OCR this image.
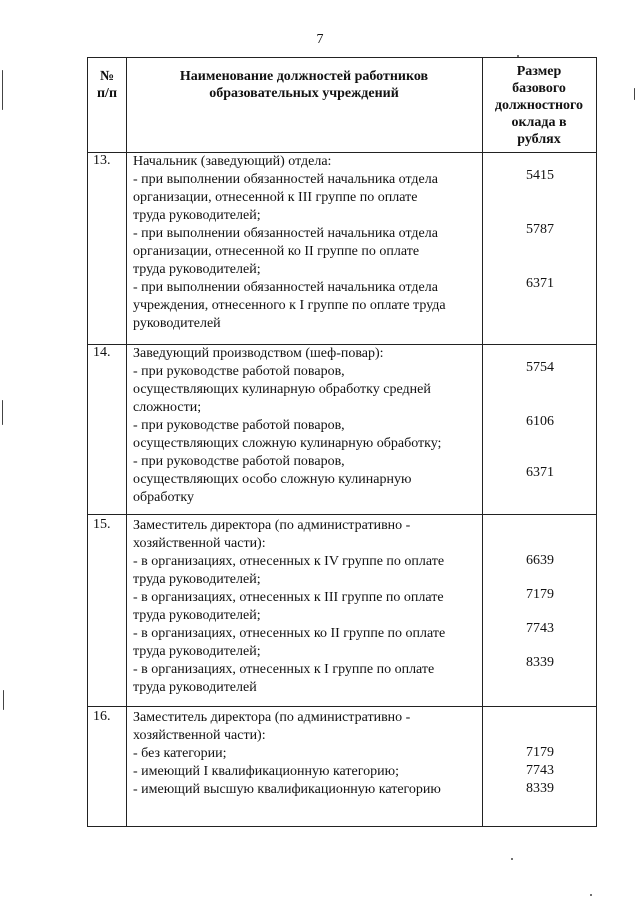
7
№
п/п
Наименование должностей работников
образовательных учреждений
Размер
базового
должностного
оклада в
рублях
13. Начальник (заведующий) отдела:
- при выполнении обязанностей начальника отдела
организации, отнесенной к III группе по оплате
труда руководителей;
- при выполнении обязанностей начальника отдела
организации, отнесенной ко II группе по оплате
труда руководителей;
- при выполнении обязанностей начальника отдела
учреждения, отнесенного к I группе по оплате труда
руководителей
5415
5787
6371
14. Заведующий производством (шеф-повар):
- при руководстве работой поваров,
осуществляющих кулинарную обработку средней
сложности;
- при руководстве работой поваров,
осуществляющих сложную кулинарную обработку;
- при руководстве работой поваров,
осуществляющих особо сложную кулинарную
обработку
5754
6106
6371
15. Заместитель директора (по административно -
хозяйственной части):
- в организациях, отнесенных к IV группе по оплате
труда руководителей;
- в организациях, отнесенных к III группе по оплате
труда руководителей;
- в организациях, отнесенных ко II группе по оплате
труда руководителей;
- в организациях, отнесенных к I группе по оплате
труда руководителей
6639
7179
7743
8339
16. Заместитель директора (по административно -
хозяйственной части):
- без категории;
- имеющий I квалификационную категорию;
- имеющий высшую квалификационную категорию
7179
7743
8339
